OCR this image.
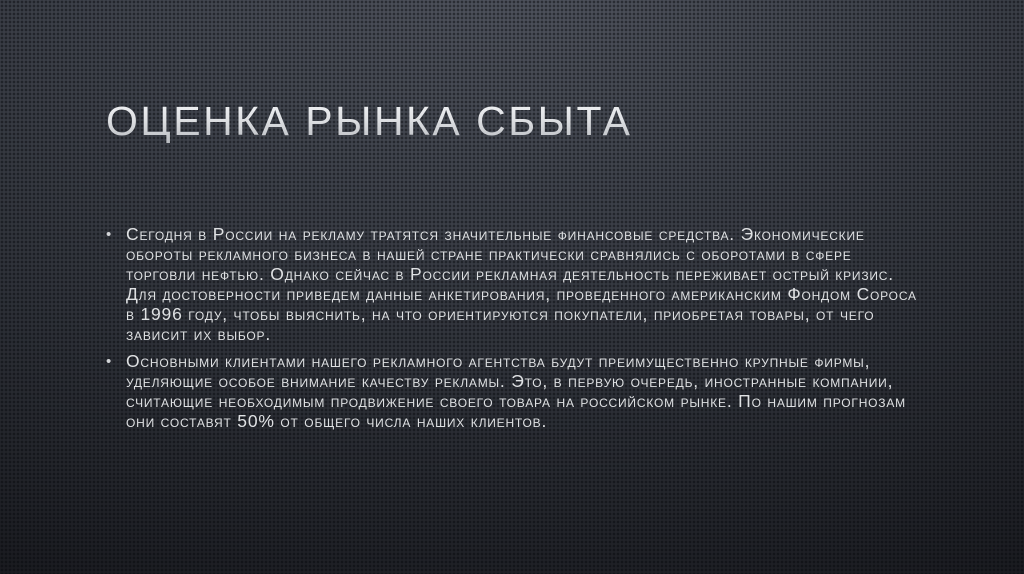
ОЦЕНКА РЫНКА СБЫТА
• Сегодня в России на рекламу тратятся значительные финансовые средства. Экономические обороты рекламного бизнеса в нашей стране практически сравнялись с оборотами в сфере торговли нефтью. Однако сейчас в России рекламная деятельность переживает острый кризис. Для достоверности приведем данные анкетирования, проведенного американским Фондом Сороса в 1996 году, чтобы выяснить, на что ориентируются покупатели, приобретая товары, от чего зависит их выбор.
• Основными клиентами нашего рекламного агентства будут преимущественно крупные фирмы, уделяющие особое внимание качеству рекламы. Это, в первую очередь, иностранные компании, считающие необходимым продвижение своего товара на российском рынке. По нашим прогнозам они составят 50% от общего числа наших клиентов.
